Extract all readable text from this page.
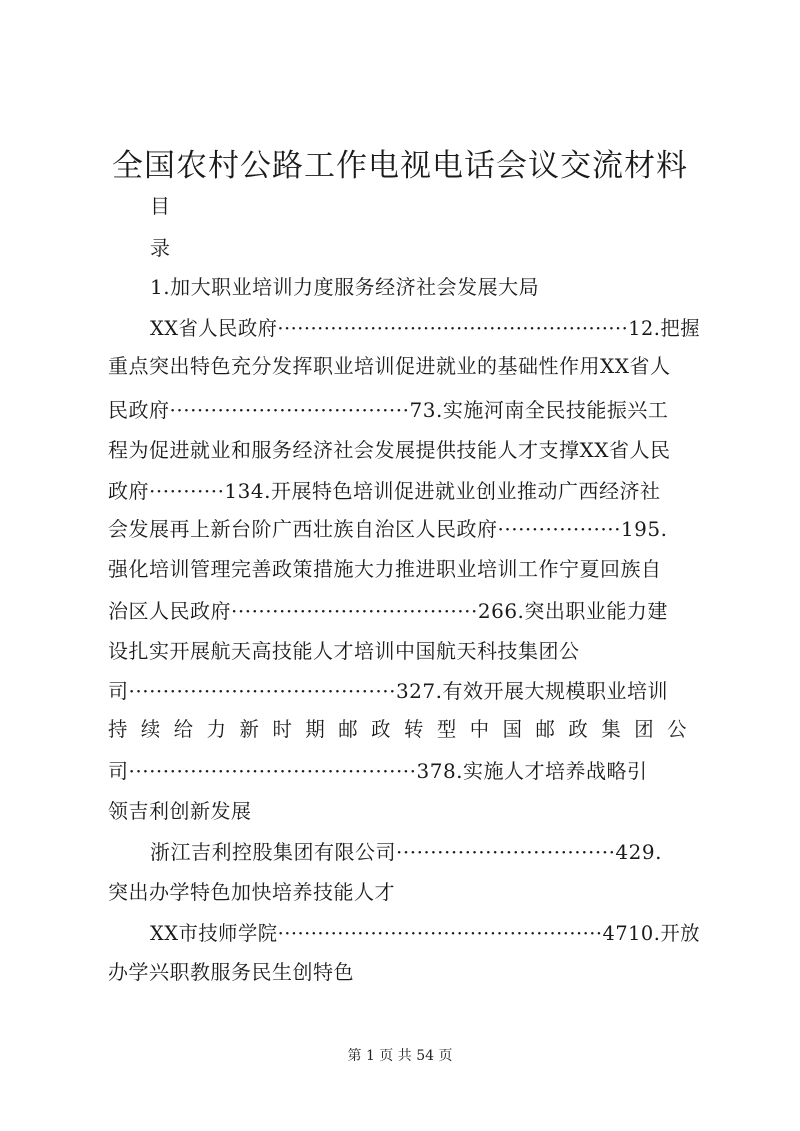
全国农村公路工作电视电话会议交流材料
目
录
1.加大职业培训力度服务经济社会发展大局
XX省人民政府·····················································12.把握
重点突出特色充分发挥职业培训促进就业的基础性作用XX省人
民政府···································73.实施河南全民技能振兴工
程为促进就业和服务经济社会发展提供技能人才支撑XX省人民
政府···········134.开展特色培训促进就业创业推动广西经济社
会发展再上新台阶广西壮族自治区人民政府··················195.
强化培训管理完善政策措施大力推进职业培训工作宁夏回族自
治区人民政府····································266.突出职业能力建
设扎实开展航天高技能人才培训中国航天科技集团公
司·······································327.有效开展大规模职业培训
持续给力新时期邮政转型中国邮政集团公
司··········································378.实施人才培养战略引
领吉利创新发展
浙江吉利控股集团有限公司································429.
突出办学特色加快培养技能人才
XX市技师学院·················································4710.开放
办学兴职教服务民生创特色
第 1 页 共 54 页
